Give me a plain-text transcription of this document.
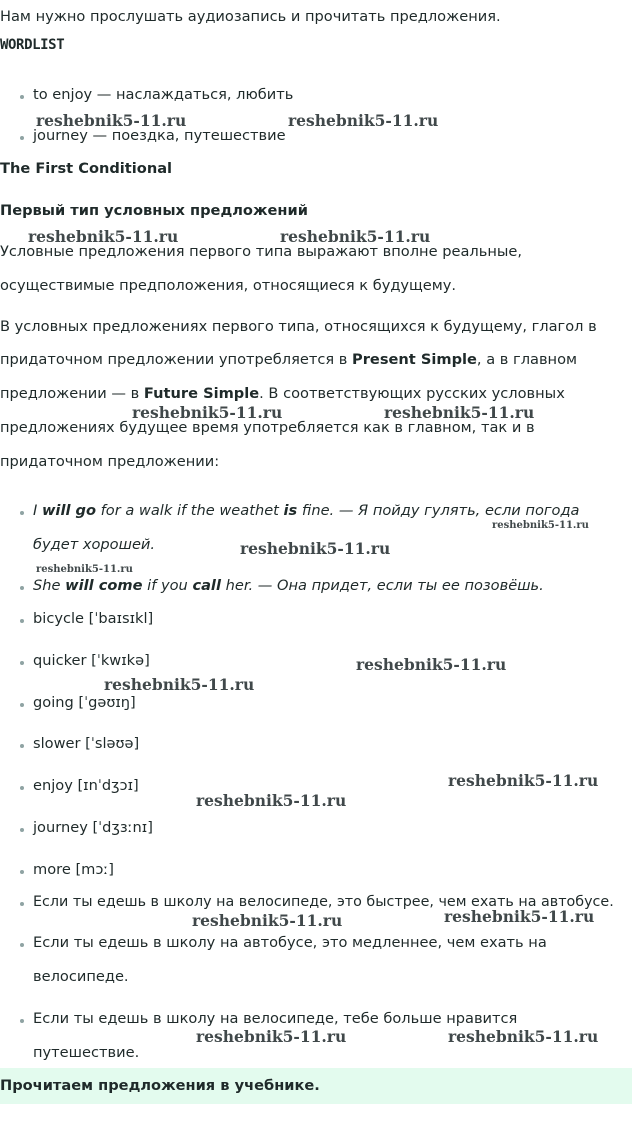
Нам нужно прослушать аудиозапись и прочитать предложения.

WORDLIST

to enjoy — наслаждаться, любить

journey — поездка, путешествие

The First Conditional

Первый тип условных предложений

Условные предложения первого типа выражают вполне реальные,

осуществимые предположения, относящиеся к будущему.

В условных предложениях первого типа, относящихся к будущему, глагол в

придаточном предложении употребляется в Present Simple, а в главном

предложении — в Future Simple. В соответствующих русских условных

предложениях будущее время употребляется как в главном, так и в

придаточном предложении:

I will go for a walk if the weathet is fine. — Я пойду гулять, если погода

будет хорошей.

She will come if you call her. — Она придет, если ты ее позовёшь.

bicycle [ˈbaɪsɪkl]

quicker [ˈkwɪkə]

going [ˈgəʊɪŋ]

slower [ˈsləʊə]

enjoy [ɪnˈdʒɔɪ]

journey [ˈdʒɜːnɪ]

more [mɔː]

Если ты едешь в школу на велосипеде, это быстрее, чем ехать на автобусе.

Если ты едешь в школу на автобусе, это медленнее, чем ехать на

велосипеде.

Если ты едешь в школу на велосипеде, тебе больше нравится

путешествие.

Прочитаем предложения в учебнике.
reshebnik5-11.ru	reshebnik5-11.ru
reshebnik5-11.ru	reshebnik5-11.ru
reshebnik5-11.ru	reshebnik5-11.ru
reshebnik5-11.ru
reshebnik5-11.ru
reshebnik5-11.ru
reshebnik5-11.ru
reshebnik5-11.ru
reshebnik5-11.ru
reshebnik5-11.ru
reshebnik5-11.ru
reshebnik5-11.ru
reshebnik5-11.ru	reshebnik5-11.ru
